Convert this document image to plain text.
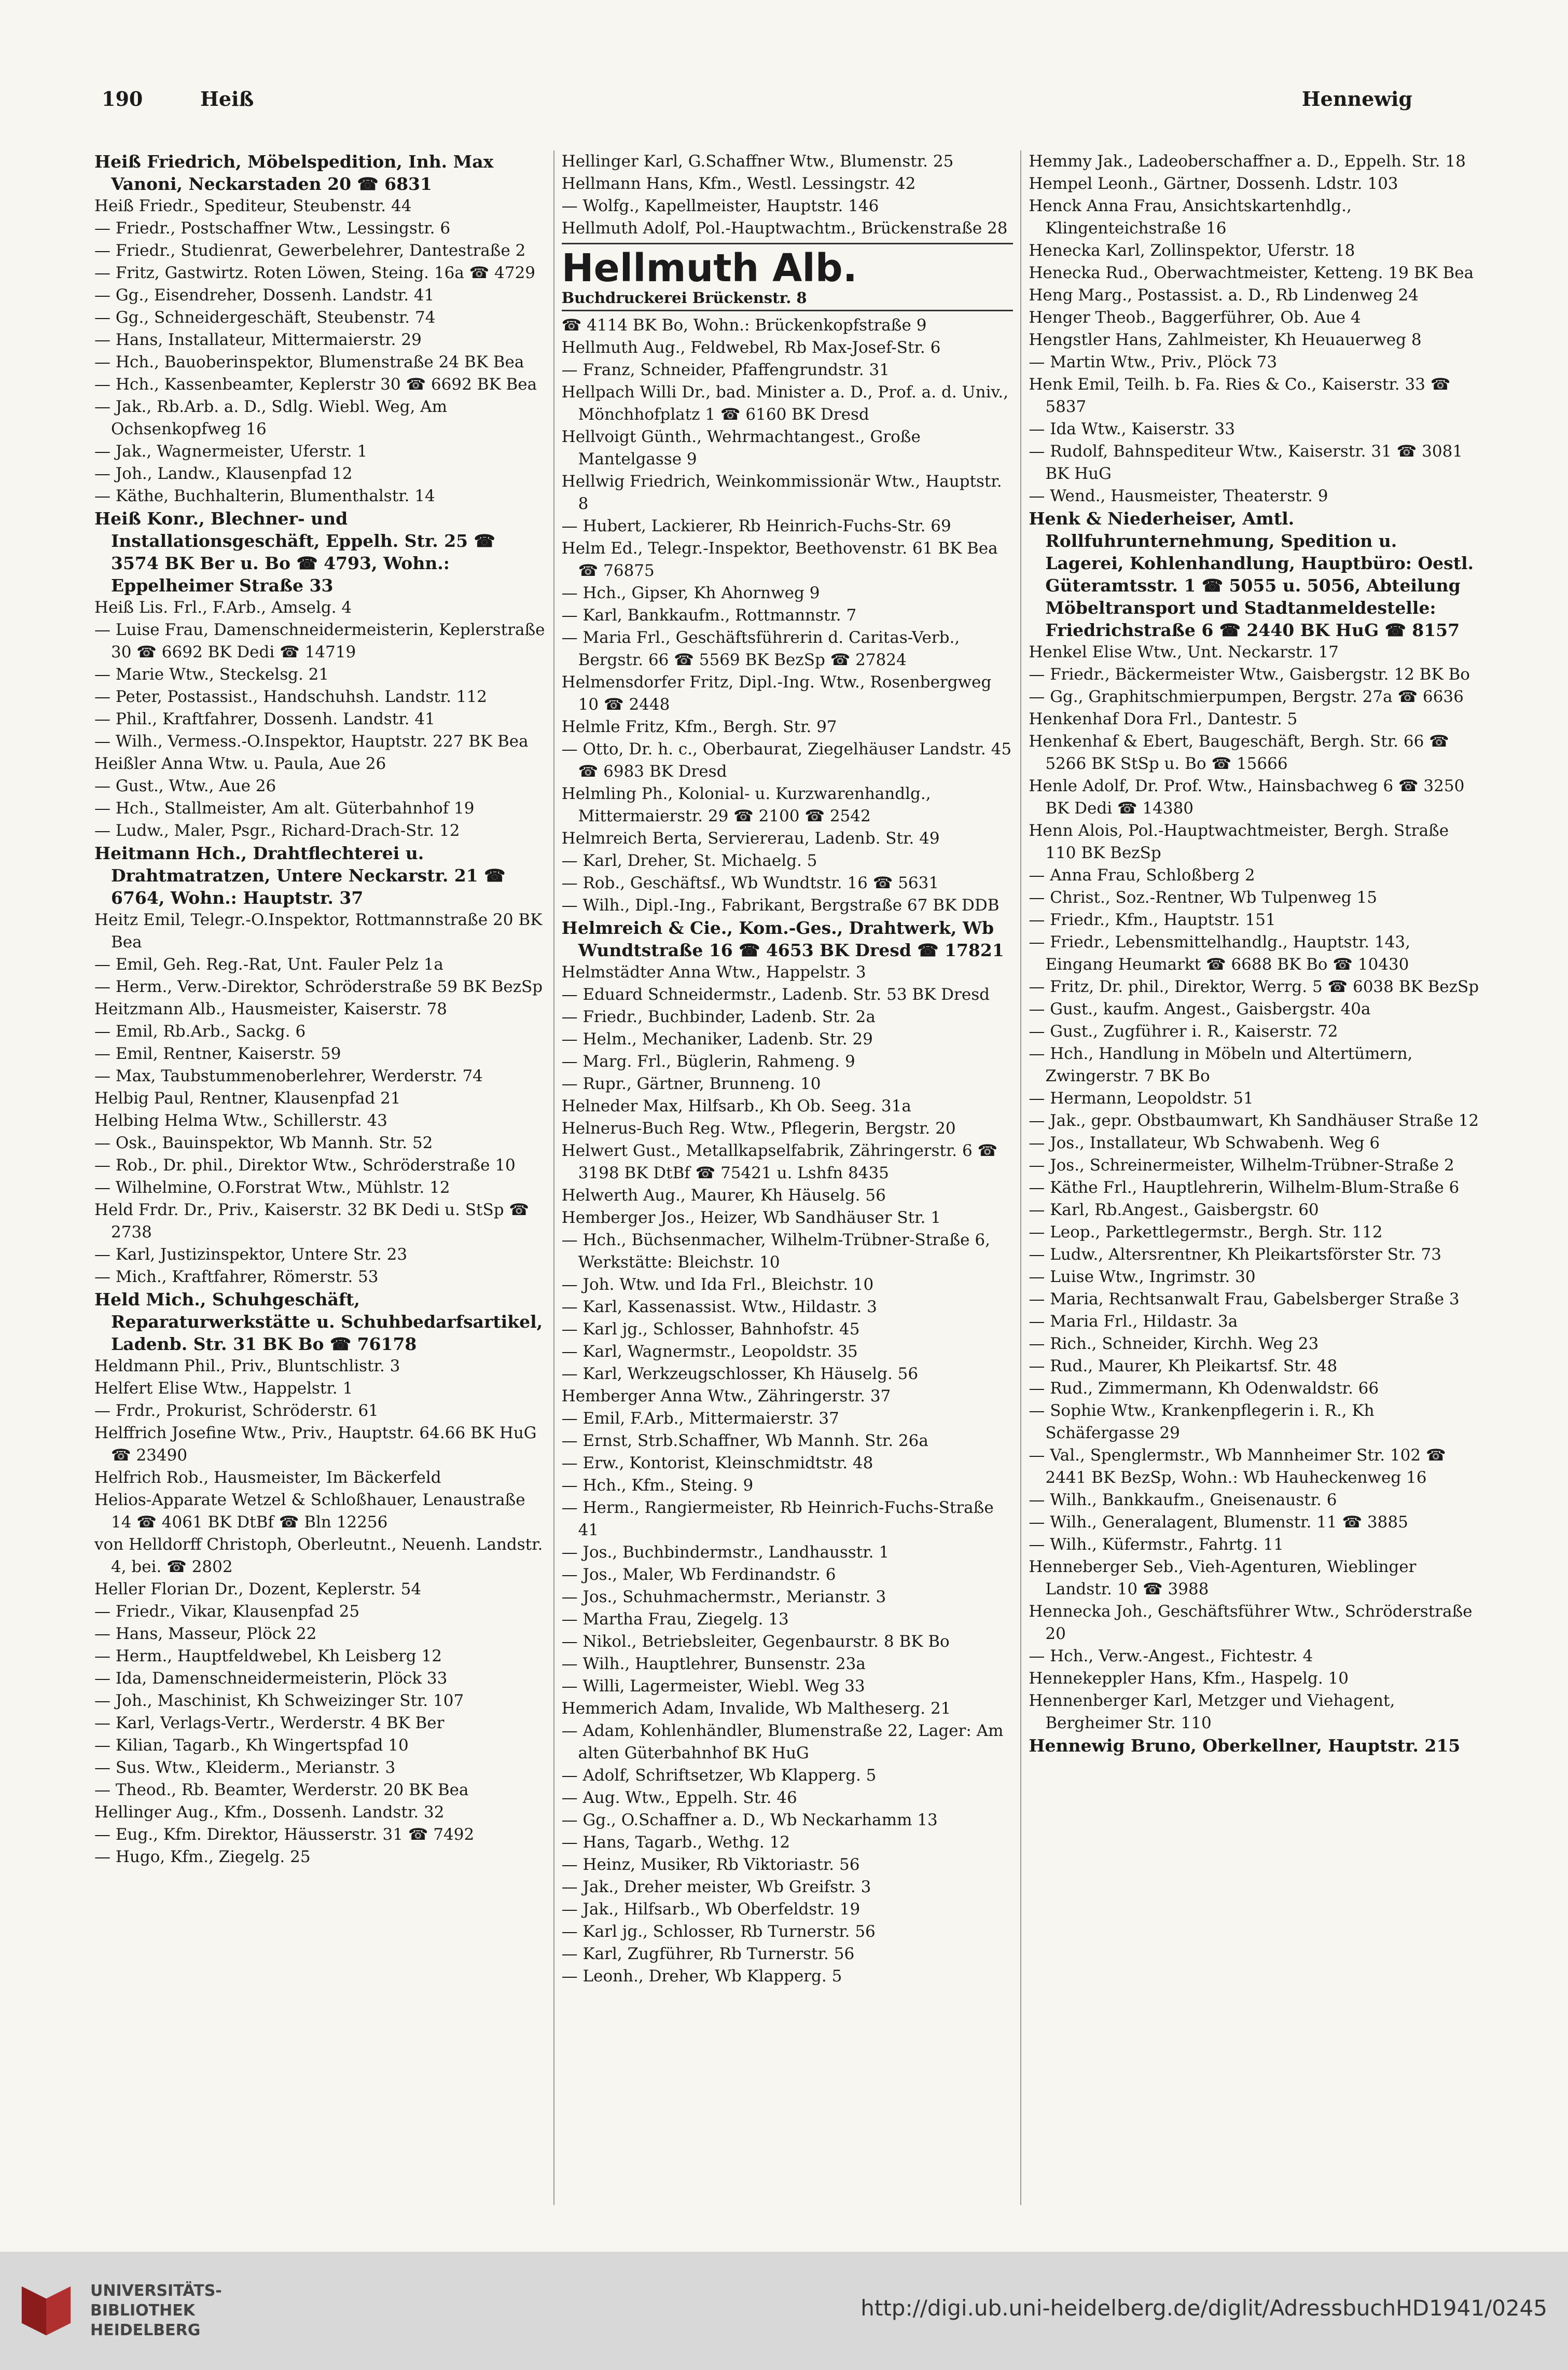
190	Heiß	Hennewig

Heiß Friedrich, Möbelspedition, Inh. Max Vanoni, Neckarstaden 20 ☎ 6831

Heiß Friedr., Spediteur, Steubenstr. 44

— Friedr., Postschaffner Wtw., Lessingstr. 6

— Friedr., Studienrat, Gewerbelehrer, Dantestraße 2

— Fritz, Gastwirtz. Roten Löwen, Steing. 16a ☎ 4729

— Gg., Eisendreher, Dossenh. Landstr. 41

— Gg., Schneidergeschäft, Steubenstr. 74

— Hans, Installateur, Mittermaierstr. 29

— Hch., Bauoberinspektor, Blumenstraße 24 BK Bea

— Hch., Kassenbeamter, Keplerstr 30 ☎ 6692 BK Bea

— Jak., Rb.Arb. a. D., Sdlg. Wiebl. Weg, Am Ochsenkopfweg 16

— Jak., Wagnermeister, Uferstr. 1

— Joh., Landw., Klausenpfad 12

— Käthe, Buchhalterin, Blumenthalstr. 14

Heiß Konr., Blechner- und Installationsgeschäft, Eppelh. Str. 25 ☎ 3574 BK Ber u. Bo ☎ 4793, Wohn.: Eppelheimer Straße 33

Heiß Lis. Frl., F.Arb., Amselg. 4

— Luise Frau, Damenschneidermeisterin, Keplerstraße 30 ☎ 6692 BK Dedi ☎ 14719

— Marie Wtw., Steckelsg. 21

— Peter, Postassist., Handschuhsh. Landstr. 112

— Phil., Kraftfahrer, Dossenh. Landstr. 41

— Wilh., Vermess.-O.Inspektor, Hauptstr. 227 BK Bea

Heißler Anna Wtw. u. Paula, Aue 26

— Gust., Wtw., Aue 26

— Hch., Stallmeister, Am alt. Güterbahnhof 19

— Ludw., Maler, Psgr., Richard-Drach-Str. 12

Heitmann Hch., Drahtflechterei u. Drahtmatratzen, Untere Neckarstr. 21 ☎ 6764, Wohn.: Hauptstr. 37

Heitz Emil, Telegr.-O.Inspektor, Rottmannstraße 20 BK Bea

— Emil, Geh. Reg.-Rat, Unt. Fauler Pelz 1a

— Herm., Verw.-Direktor, Schröderstraße 59 BK BezSp

Heitzmann Alb., Hausmeister, Kaiserstr. 78

— Emil, Rb.Arb., Sackg. 6

— Emil, Rentner, Kaiserstr. 59

— Max, Taubstummenoberlehrer, Werderstr. 74

Helbig Paul, Rentner, Klausenpfad 21

Helbing Helma Wtw., Schillerstr. 43

— Osk., Bauinspektor, Wb Mannh. Str. 52

— Rob., Dr. phil., Direktor Wtw., Schröderstraße 10

— Wilhelmine, O.Forstrat Wtw., Mühlstr. 12

Held Frdr. Dr., Priv., Kaiserstr. 32 BK Dedi u. StSp ☎ 2738

— Karl, Justizinspektor, Untere Str. 23

— Mich., Kraftfahrer, Römerstr. 53

Held Mich., Schuhgeschäft, Reparaturwerkstätte u. Schuhbedarfsartikel, Ladenb. Str. 31 BK Bo ☎ 76178

Heldmann Phil., Priv., Bluntschlistr. 3

Helfert Elise Wtw., Happelstr. 1

— Frdr., Prokurist, Schröderstr. 61

Helffrich Josefine Wtw., Priv., Hauptstr. 64.66 BK HuG ☎ 23490

Helfrich Rob., Hausmeister, Im Bäckerfeld

Helios-Apparate Wetzel & Schloßhauer, Lenaustraße 14 ☎ 4061 BK DtBf ☎ Bln 12256

von Helldorff Christoph, Oberleutnt., Neuenh. Landstr. 4, bei. ☎ 2802

Heller Florian Dr., Dozent, Keplerstr. 54

— Friedr., Vikar, Klausenpfad 25

— Hans, Masseur, Plöck 22

— Herm., Hauptfeldwebel, Kh Leisberg 12

— Ida, Damenschneidermeisterin, Plöck 33

— Joh., Maschinist, Kh Schweizinger Str. 107

— Karl, Verlags-Vertr., Werderstr. 4 BK Ber

— Kilian, Tagarb., Kh Wingertspfad 10

— Sus. Wtw., Kleiderm., Merianstr. 3

— Theod., Rb. Beamter, Werderstr. 20 BK Bea

Hellinger Aug., Kfm., Dossenh. Landstr. 32

— Eug., Kfm. Direktor, Häusserstr. 31 ☎ 7492

— Hugo, Kfm., Ziegelg. 25

Hellinger Karl, G.Schaffner Wtw., Blumenstr. 25

Hellmann Hans, Kfm., Westl. Lessingstr. 42

— Wolfg., Kapellmeister, Hauptstr. 146

Hellmuth Adolf, Pol.-Hauptwachtm., Brückenstraße 28

Hellmuth Alb.
Buchdruckerei Brückenstr. 8

☎ 4114 BK Bo, Wohn.: Brückenkopfstraße 9

Hellmuth Aug., Feldwebel, Rb Max-Josef-Str. 6

— Franz, Schneider, Pfaffengrundstr. 31

Hellpach Willi Dr., bad. Minister a. D., Prof. a. d. Univ., Mönchhofplatz 1 ☎ 6160 BK Dresd

Hellvoigt Günth., Wehrmachtangest., Große Mantelgasse 9

Hellwig Friedrich, Weinkommissionär Wtw., Hauptstr. 8

— Hubert, Lackierer, Rb Heinrich-Fuchs-Str. 69

Helm Ed., Telegr.-Inspektor, Beethovenstr. 61 BK Bea ☎ 76875

— Hch., Gipser, Kh Ahornweg 9

— Karl, Bankkaufm., Rottmannstr. 7

— Maria Frl., Geschäftsführerin d. Caritas-Verb., Bergstr. 66 ☎ 5569 BK BezSp ☎ 27824

Helmensdorfer Fritz, Dipl.-Ing. Wtw., Rosenbergweg 10 ☎ 2448

Helmle Fritz, Kfm., Bergh. Str. 97

— Otto, Dr. h. c., Oberbaurat, Ziegelhäuser Landstr. 45 ☎ 6983 BK Dresd

Helmling Ph., Kolonial- u. Kurzwarenhandlg., Mittermaierstr. 29 ☎ 2100 ☎ 2542

Helmreich Berta, Serviererau, Ladenb. Str. 49

— Karl, Dreher, St. Michaelg. 5

— Rob., Geschäftsf., Wb Wundtstr. 16 ☎ 5631

— Wilh., Dipl.-Ing., Fabrikant, Bergstraße 67 BK DDB

Helmreich & Cie., Kom.-Ges., Drahtwerk, Wb Wundtstraße 16 ☎ 4653 BK Dresd ☎ 17821

Helmstädter Anna Wtw., Happelstr. 3

— Eduard Schneidermstr., Ladenb. Str. 53 BK Dresd

— Friedr., Buchbinder, Ladenb. Str. 2a

— Helm., Mechaniker, Ladenb. Str. 29

— Marg. Frl., Büglerin, Rahmeng. 9

— Rupr., Gärtner, Brunneng. 10

Helneder Max, Hilfsarb., Kh Ob. Seeg. 31a

Helnerus-Buch Reg. Wtw., Pflegerin, Bergstr. 20

Helwert Gust., Metallkapselfabrik, Zähringerstr. 6 ☎ 3198 BK DtBf ☎ 75421 u. Lshfn 8435

Helwerth Aug., Maurer, Kh Häuselg. 56

Hemberger Jos., Heizer, Wb Sandhäuser Str. 1

— Hch., Büchsenmacher, Wilhelm-Trübner-Straße 6, Werkstätte: Bleichstr. 10

— Joh. Wtw. und Ida Frl., Bleichstr. 10

— Karl, Kassenassist. Wtw., Hildastr. 3

— Karl jg., Schlosser, Bahnhofstr. 45

— Karl, Wagnermstr., Leopoldstr. 35

— Karl, Werkzeugschlosser, Kh Häuselg. 56

Hemberger Anna Wtw., Zähringerstr. 37

— Emil, F.Arb., Mittermaierstr. 37

— Ernst, Strb.Schaffner, Wb Mannh. Str. 26a

— Erw., Kontorist, Kleinschmidtstr. 48

— Hch., Kfm., Steing. 9

— Herm., Rangiermeister, Rb Heinrich-Fuchs-Straße 41

— Jos., Buchbindermstr., Landhausstr. 1

— Jos., Maler, Wb Ferdinandstr. 6

— Jos., Schuhmachermstr., Merianstr. 3

— Martha Frau, Ziegelg. 13

— Nikol., Betriebsleiter, Gegenbaurstr. 8 BK Bo

— Wilh., Hauptlehrer, Bunsenstr. 23a

— Willi, Lagermeister, Wiebl. Weg 33

Hemmerich Adam, Invalide, Wb Maltheserg. 21

— Adam, Kohlenhändler, Blumenstraße 22, Lager: Am alten Güterbahnhof BK HuG

— Adolf, Schriftsetzer, Wb Klapperg. 5

— Aug. Wtw., Eppelh. Str. 46

— Gg., O.Schaffner a. D., Wb Neckarhamm 13

— Hans, Tagarb., Wethg. 12

— Heinz, Musiker, Rb Viktoriastr. 56

— Jak., Dreher meister, Wb Greifstr. 3

— Jak., Hilfsarb., Wb Oberfeldstr. 19

— Karl jg., Schlosser, Rb Turnerstr. 56

— Karl, Zugführer, Rb Turnerstr. 56

— Leonh., Dreher, Wb Klapperg. 5

Hemmy Jak., Ladeoberschaffner a. D., Eppelh. Str. 18

Hempel Leonh., Gärtner, Dossenh. Ldstr. 103

Henck Anna Frau, Ansichtskartenhdlg., Klingenteichstraße 16

Henecka Karl, Zollinspektor, Uferstr. 18

Henecka Rud., Oberwachtmeister, Ketteng. 19 BK Bea

Heng Marg., Postassist. a. D., Rb Lindenweg 24

Henger Theob., Baggerführer, Ob. Aue 4

Hengstler Hans, Zahlmeister, Kh Heuauerweg 8

— Martin Wtw., Priv., Plöck 73

Henk Emil, Teilh. b. Fa. Ries & Co., Kaiserstr. 33 ☎ 5837

— Ida Wtw., Kaiserstr. 33

— Rudolf, Bahnspediteur Wtw., Kaiserstr. 31 ☎ 3081 BK HuG

— Wend., Hausmeister, Theaterstr. 9

Henk & Niederheiser, Amtl. Rollfuhrunternehmung, Spedition u. Lagerei, Kohlenhandlung, Hauptbüro: Oestl. Güteramtsstr. 1 ☎ 5055 u. 5056, Abteilung Möbeltransport und Stadtanmeldestelle: Friedrichstraße 6 ☎ 2440 BK HuG ☎ 8157

Henkel Elise Wtw., Unt. Neckarstr. 17

— Friedr., Bäckermeister Wtw., Gaisbergstr. 12 BK Bo

— Gg., Graphitschmierpumpen, Bergstr. 27a ☎ 6636

Henkenhaf Dora Frl., Dantestr. 5

Henkenhaf & Ebert, Baugeschäft, Bergh. Str. 66 ☎ 5266 BK StSp u. Bo ☎ 15666

Henle Adolf, Dr. Prof. Wtw., Hainsbachweg 6 ☎ 3250 BK Dedi ☎ 14380

Henn Alois, Pol.-Hauptwachtmeister, Bergh. Straße 110 BK BezSp

— Anna Frau, Schloßberg 2

— Christ., Soz.-Rentner, Wb Tulpenweg 15

— Friedr., Kfm., Hauptstr. 151

— Friedr., Lebensmittelhandlg., Hauptstr. 143, Eingang Heumarkt ☎ 6688 BK Bo ☎ 10430

— Fritz, Dr. phil., Direktor, Werrg. 5 ☎ 6038 BK BezSp

— Gust., kaufm. Angest., Gaisbergstr. 40a

— Gust., Zugführer i. R., Kaiserstr. 72

— Hch., Handlung in Möbeln und Altertümern, Zwingerstr. 7 BK Bo

— Hermann, Leopoldstr. 51

— Jak., gepr. Obstbaumwart, Kh Sandhäuser Straße 12

— Jos., Installateur, Wb Schwabenh. Weg 6

— Jos., Schreinermeister, Wilhelm-Trübner-Straße 2

— Käthe Frl., Hauptlehrerin, Wilhelm-Blum-Straße 6

— Karl, Rb.Angest., Gaisbergstr. 60

— Leop., Parkettlegermstr., Bergh. Str. 112

— Ludw., Altersrentner, Kh Pleikartsförster Str. 73

— Luise Wtw., Ingrimstr. 30

— Maria, Rechtsanwalt Frau, Gabelsberger Straße 3

— Maria Frl., Hildastr. 3a

— Rich., Schneider, Kirchh. Weg 23

— Rud., Maurer, Kh Pleikartsf. Str. 48

— Rud., Zimmermann, Kh Odenwaldstr. 66

— Sophie Wtw., Krankenpflegerin i. R., Kh Schäfergasse 29

— Val., Spenglermstr., Wb Mannheimer Str. 102 ☎ 2441 BK BezSp, Wohn.: Wb Hauheckenweg 16

— Wilh., Bankkaufm., Gneisenaustr. 6

— Wilh., Generalagent, Blumenstr. 11 ☎ 3885

— Wilh., Küfermstr., Fahrtg. 11

Henneberger Seb., Vieh-Agenturen, Wieblinger Landstr. 10 ☎ 3988

Hennecka Joh., Geschäftsführer Wtw., Schröderstraße 20

— Hch., Verw.-Angest., Fichtestr. 4

Hennekeppler Hans, Kfm., Haspelg. 10

Hennenberger Karl, Metzger und Viehagent, Bergheimer Str. 110

Hennewig Bruno, Oberkellner, Hauptstr. 215

UNIVERSITÄTS-
BIBLIOTHEK
HEIDELBERG
http://digi.ub.uni-heidelberg.de/diglit/AdressbuchHD1941/0245
